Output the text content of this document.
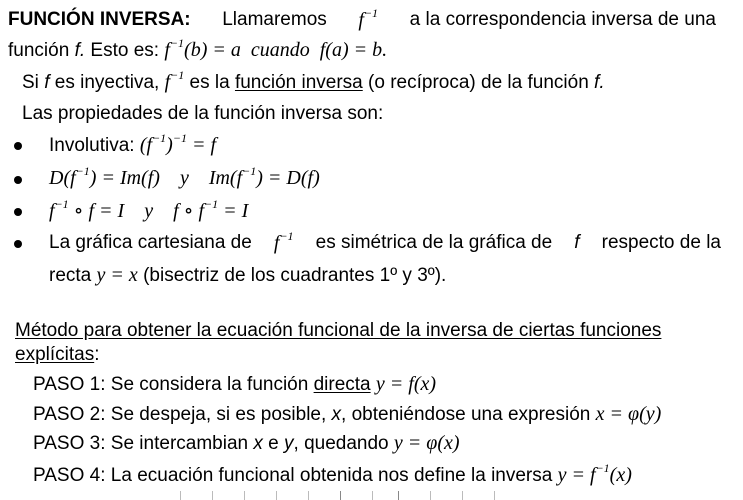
FUNCIÓN INVERSA: Llamaremos $f^{-1}$ a la correspondencia inversa de una
función f. Esto es: $f^{-1}(b) = a$ cuando f(a) = b.
Si f es inyectiva, $f^{-1}$ es la función inversa (o recíproca) de la función f.
Las propiedades de la función inversa son:
Involutiva: $(f^{-1})^{-1} = f$
$D(f^{-1}) = Im(f)$ y $Im(f^{-1}) = D(f)$
$f^{-1}$ ∘ f = I    y    f ∘ $f^{-1} = I$
La gráfica cartesiana de $f^{-1}$ es simétrica de la gráfica de f respecto de la
recta y = x (bisectriz de los cuadrantes 1º y 3º).
Método para obtener la ecuación funcional de la inversa de ciertas funciones
explícitas:
PASO 1: Se considera la función directa y = f(x)
PASO 2: Se despeja, si es posible, x, obteniéndose una expresión x = φ(y)
PASO 3: Se intercambian x e y, quedando y = φ(x)
PASO 4: La ecuación funcional obtenida nos define la inversa $y = f^{-1}(x)$
